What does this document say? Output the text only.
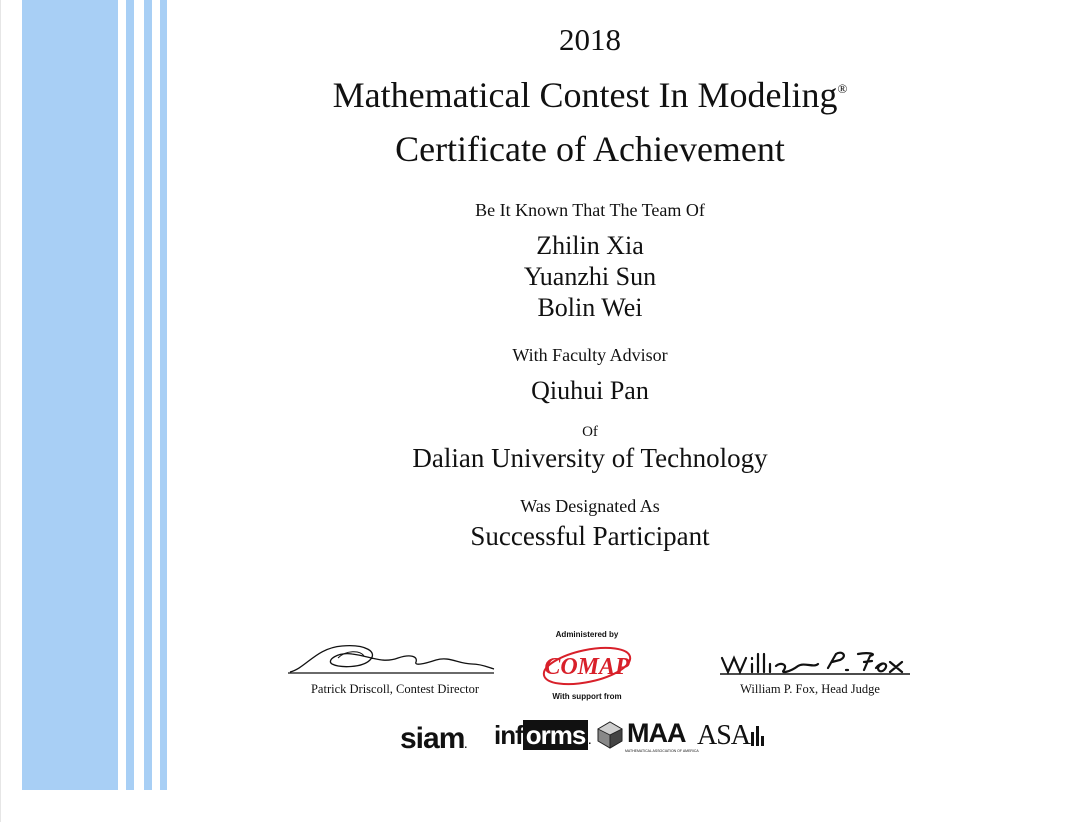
2018
Mathematical Contest In Modeling®
Certificate of Achievement
Be It Known That The Team Of
Zhilin Xia
Yuanzhi Sun
Bolin Wei
With Faculty Advisor
Qiuhui Pan
Of
Dalian University of Technology
Was Designated As
Successful Participant
Patrick Driscoll, Contest Director	William P. Fox, Head Judge
Administered by
COMAP
With support from
siam. inf orms . MAA
MATHEMATICAL ASSOCIATION OF AMERICA
ASA
